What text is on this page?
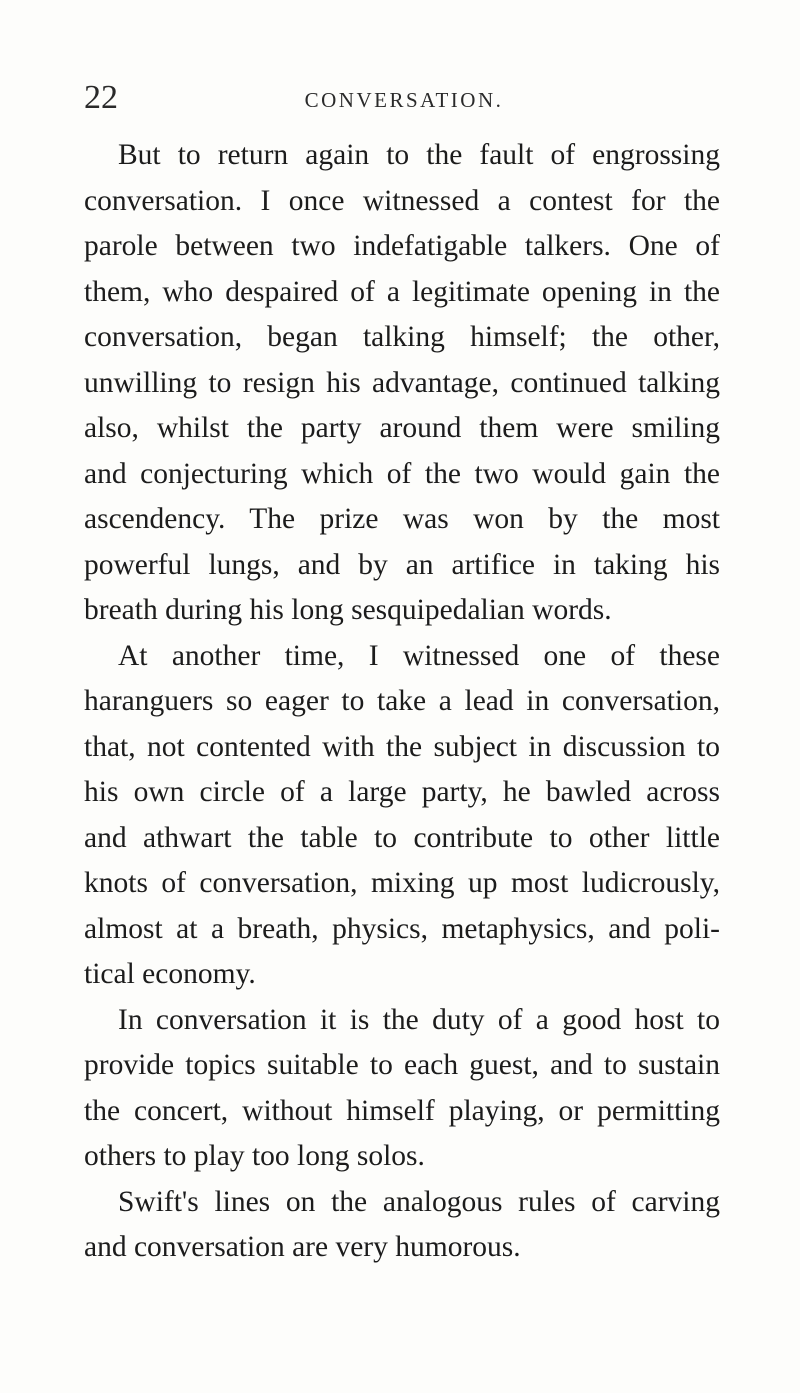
22	CONVERSATION.
But to return again to the fault of engrossing
conversation. I once witnessed a contest for the
parole between two indefatigable talkers. One of
them, who despaired of a legitimate opening in the
conversation, began talking himself; the other,
unwilling to resign his advantage, continued talking
also, whilst the party around them were smiling
and conjecturing which of the two would gain the
ascendency. The prize was won by the most
powerful lungs, and by an artifice in taking his
breath during his long sesquipedalian words.
At another time, I witnessed one of these
haranguers so eager to take a lead in conversation,
that, not contented with the subject in discussion to
his own circle of a large party, he bawled across
and athwart the table to contribute to other little
knots of conversation, mixing up most ludicrously,
almost at a breath, physics, metaphysics, and poli-
tical economy.
In conversation it is the duty of a good host to
provide topics suitable to each guest, and to sustain
the concert, without himself playing, or permitting
others to play too long solos.
Swift's lines on the analogous rules of carving
and conversation are very humorous.
